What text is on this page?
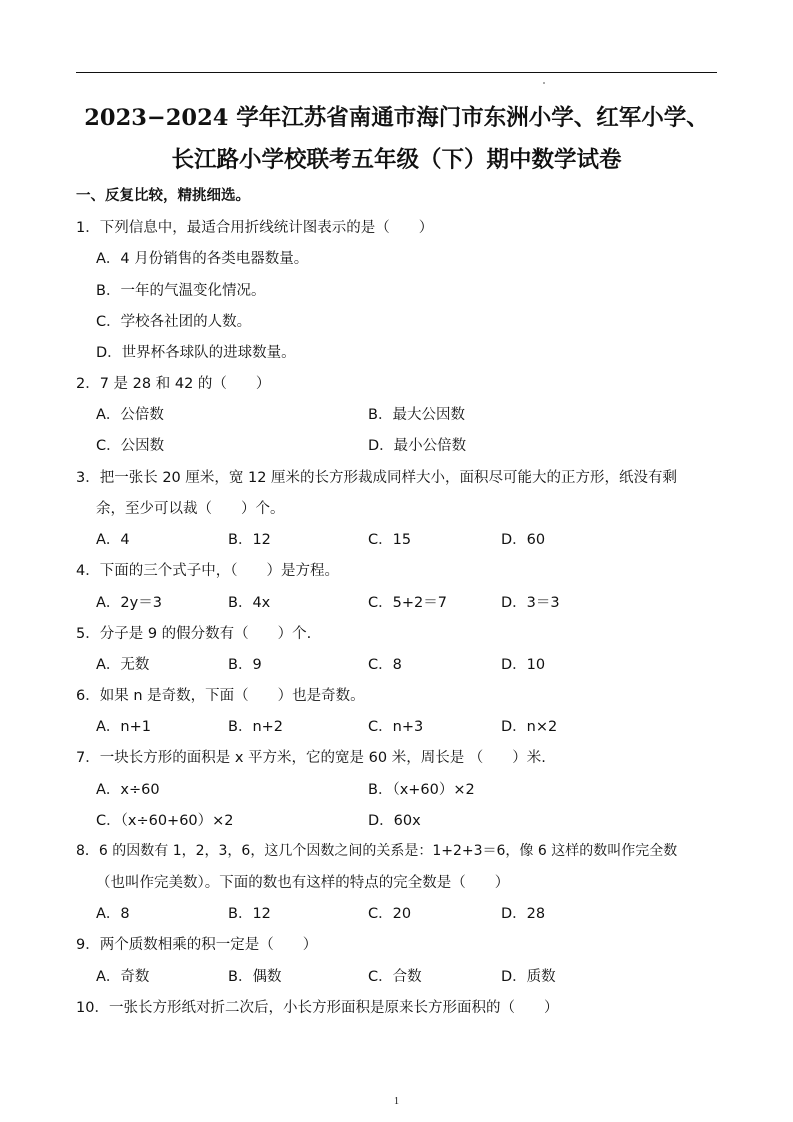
2023−2024 学年江苏省南通市海门市东洲小学、红军小学、
长江路小学校联考五年级（下）期中数学试卷
一、反复比较，精挑细选。
1．下列信息中，最适合用折线统计图表示的是（　　）
A．4 月份销售的各类电器数量。
B．一年的气温变化情况。
C．学校各社团的人数。
D．世界杯各球队的进球数量。
2．7 是 28 和 42 的（　　）
A．公倍数	B．最大公因数
C．公因数	D．最小公倍数
3．把一张长 20 厘米，宽 12 厘米的长方形裁成同样大小，面积尽可能大的正方形，纸没有剩
余，至少可以裁（　　）个。
A．4	B．12	C．15	D．60
4．下面的三个式子中，（　　）是方程。
A．2y＝3	B．4x	C．5+2＝7	D．3＝3
5．分子是 9 的假分数有（　　）个.
A．无数	B．9	C．8	D．10
6．如果 n 是奇数，下面（　　）也是奇数。
A．n+1	B．n+2	C．n+3	D．n×2
7．一块长方形的面积是 x 平方米，它的宽是 60 米，周长是 （　　）米.
A．x÷60	B．（x+60）×2
C．（x÷60+60）×2	D．60x
8．6 的因数有 1，2，3，6，这几个因数之间的关系是：1+2+3＝6，像 6 这样的数叫作完全数
（也叫作完美数）。下面的数也有这样的特点的完全数是（　　）
A．8	B．12	C．20	D．28
9．两个质数相乘的积一定是（　　）
A．奇数	B．偶数	C．合数	D．质数
10．一张长方形纸对折二次后，小长方形面积是原来长方形面积的（　　）
1
